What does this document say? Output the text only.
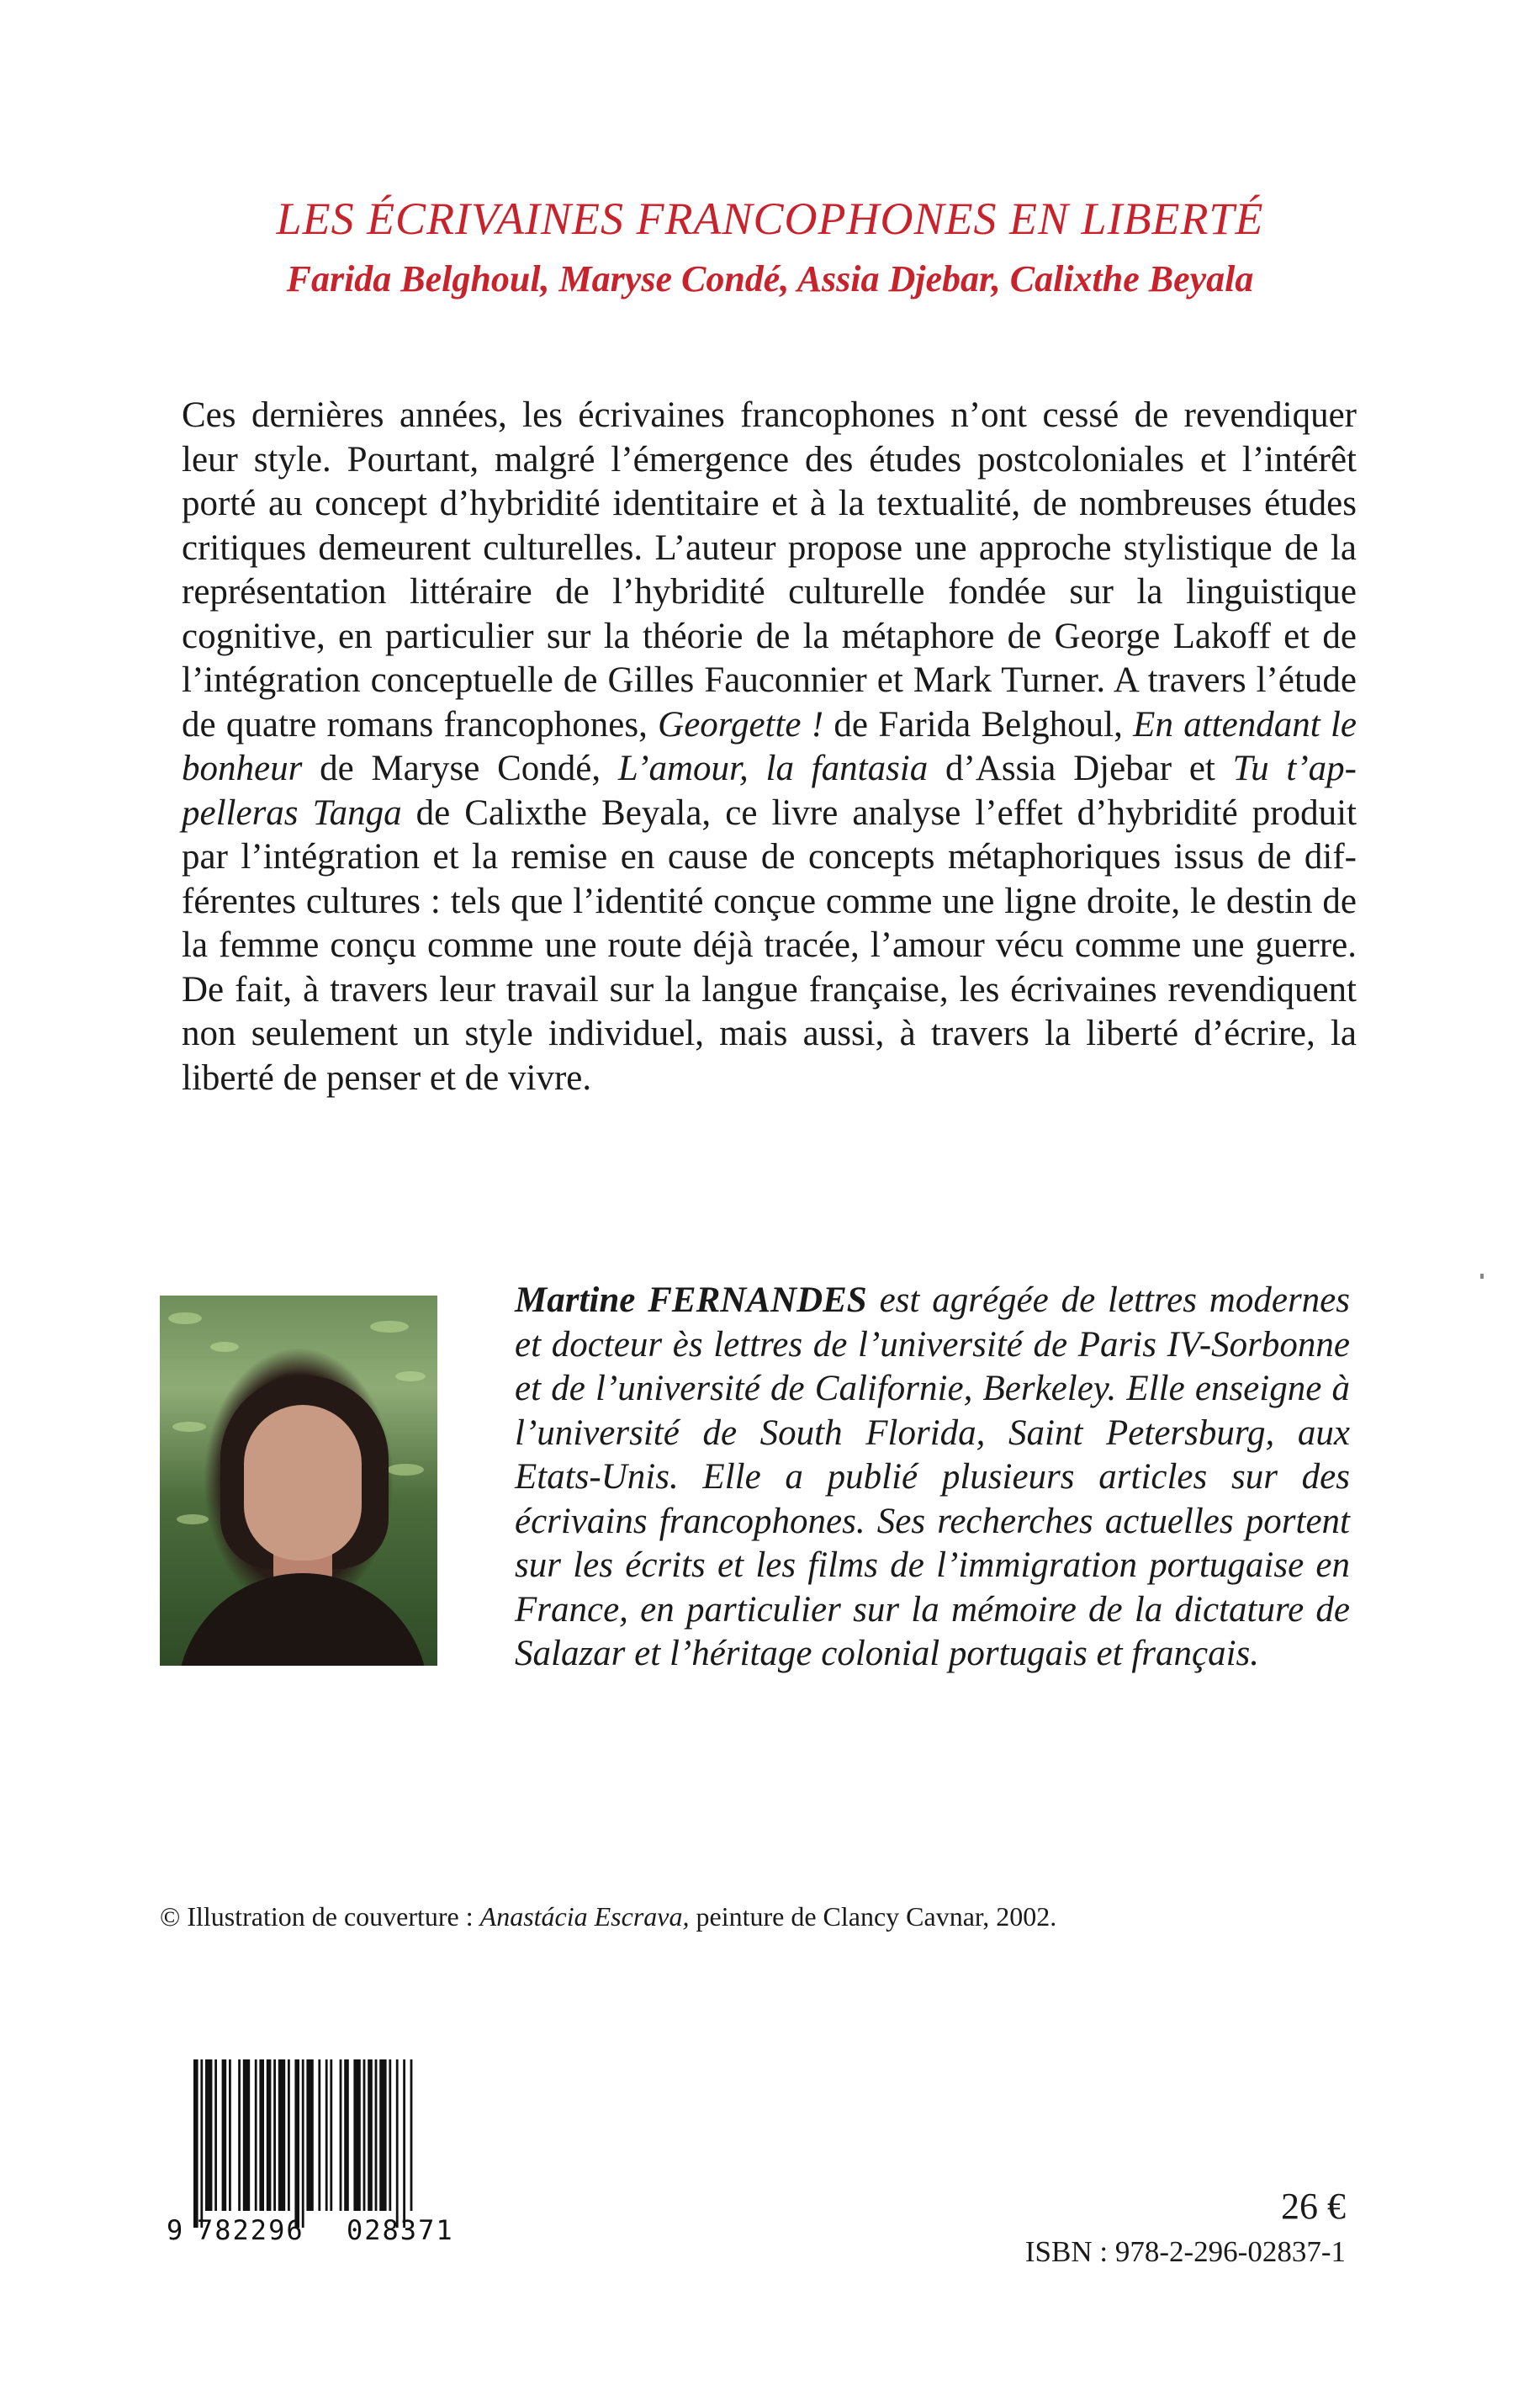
LES ÉCRIVAINES FRANCOPHONES EN LIBERTÉ
Farida Belghoul, Maryse Condé, Assia Djebar, Calixthe Beyala

Ces dernières années, les écrivaines francophones n’ont cessé de revendiquer leur style. Pourtant, malgré l’émergence des études postcoloniales et l’intérêt porté au concept d’hybridité identitaire et à la textualité, de nombreuses études critiques demeurent culturelles. L’auteur propose une approche stylistique de la représentation littéraire de l’hybridité culturelle fondée sur la linguistique cognitive, en particulier sur la théorie de la métaphore de George Lakoff et de l’intégration conceptuelle de Gilles Fauconnier et Mark Turner. A travers l’étude de quatre romans francophones, Georgette ! de Farida Belghoul, En attendant le bonheur de Maryse Condé, L’amour, la fantasia d’Assia Djebar et Tu t’appelleras Tanga de Calixthe Beyala, ce livre analyse l’effet d’hybridité produit par l’intégration et la remise en cause de concepts métaphoriques issus de différentes cultures : tels que l’identité conçue comme une ligne droite, le destin de la femme conçu comme une route déjà tracée, l’amour vécu comme une guerre. De fait, à travers leur travail sur la langue française, les écrivaines revendiquent non seulement un style individuel, mais aussi, à travers la liberté d’écrire, la liberté de penser et de vivre.

Martine FERNANDES est agrégée de lettres modernes et docteur ès lettres de l’université de Paris IV-Sorbonne et de l’université de Californie, Berkeley. Elle enseigne à l’université de South Florida, Saint Petersburg, aux Etats-Unis. Elle a publié plusieurs articles sur des écrivains francophones. Ses recherches actuelles portent sur les écrits et les films de l’immigration portugaise en France, en particulier sur la mémoire de la dictature de Salazar et l’héritage colonial portugais et français.

© Illustration de couverture : Anastácia Escrava, peinture de Clancy Cavnar, 2002.
9 782296 028371
26 €
ISBN : 978-2-296-02837-1
